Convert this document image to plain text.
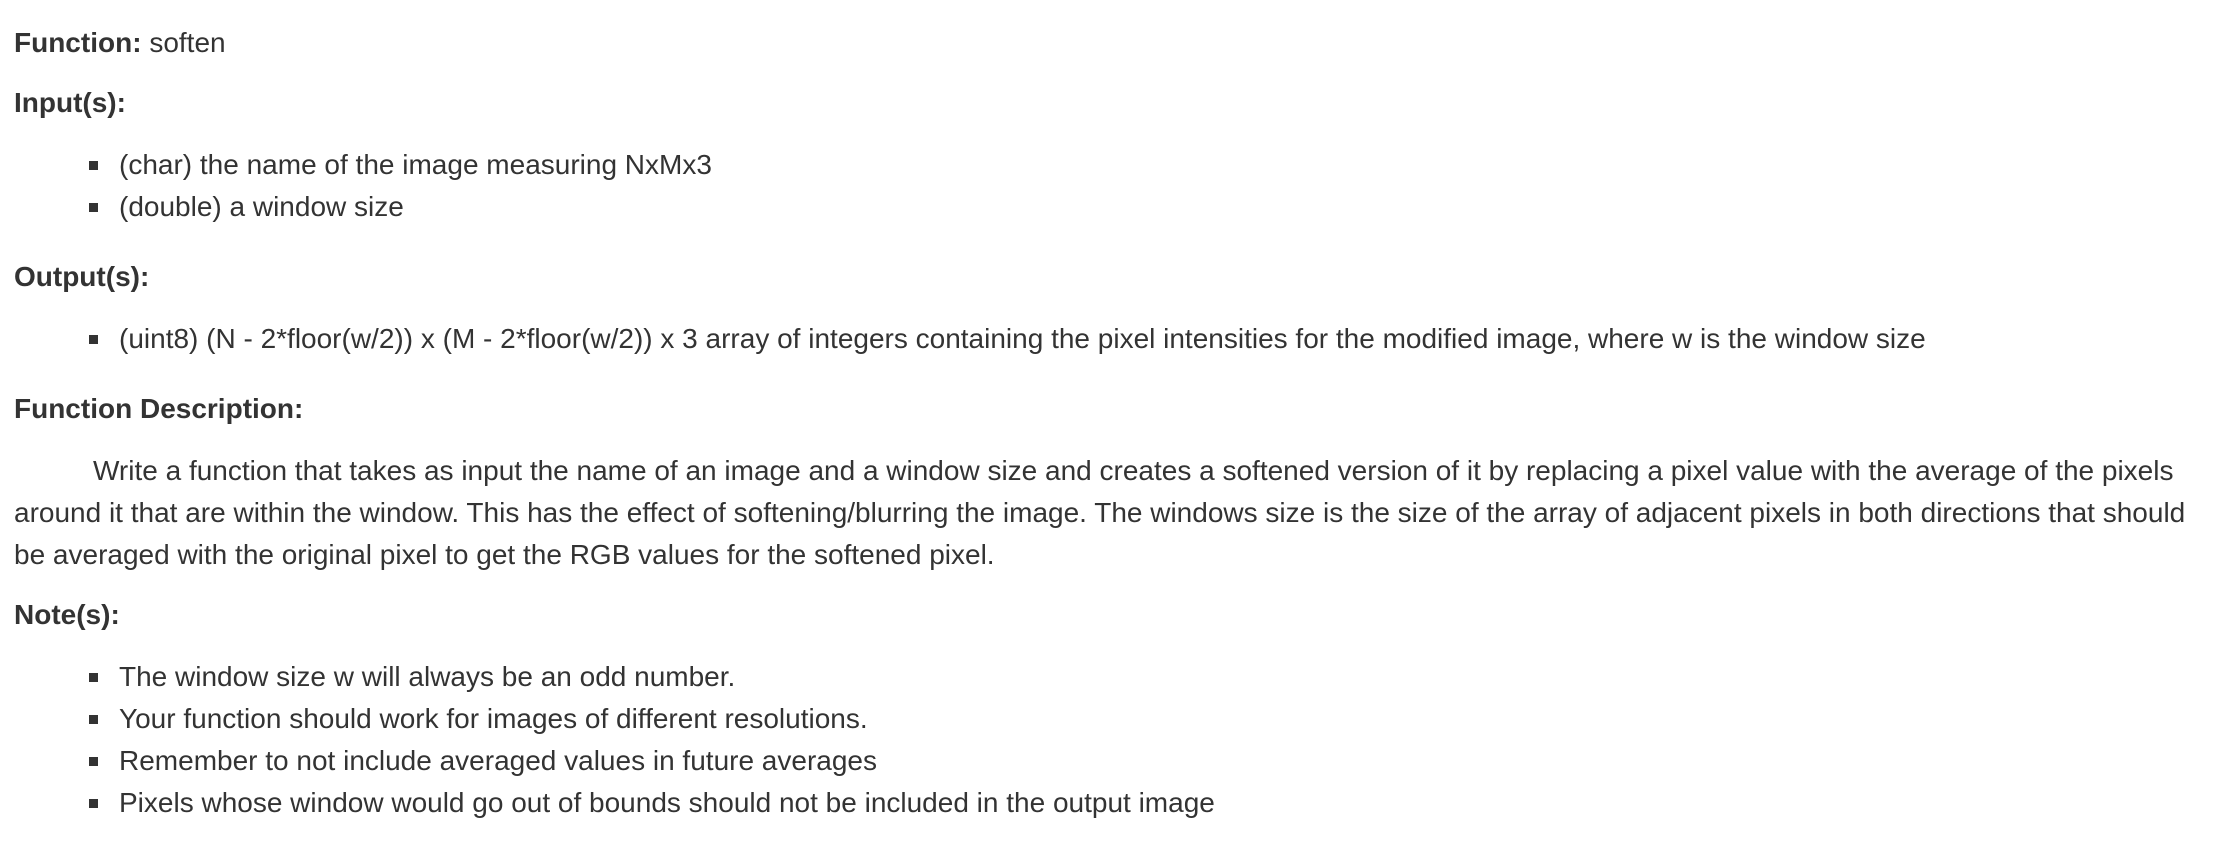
Function: soften

Input(s):

(char) the name of the image measuring NxMx3
(double) a window size

Output(s):

(uint8) (N - 2*floor(w/2)) x (M - 2*floor(w/2)) x 3 array of integers containing the pixel intensities for the modified image, where w is the window size

Function Description:

Write a function that takes as input the name of an image and a window size and creates a softened version of it by replacing a pixel value with the average of the pixels around it that are within the window. This has the effect of softening/blurring the image. The windows size is the size of the array of adjacent pixels in both directions that should be averaged with the original pixel to get the RGB values for the softened pixel.

Note(s):

The window size w will always be an odd number.
Your function should work for images of different resolutions.
Remember to not include averaged values in future averages
Pixels whose window would go out of bounds should not be included in the output image
